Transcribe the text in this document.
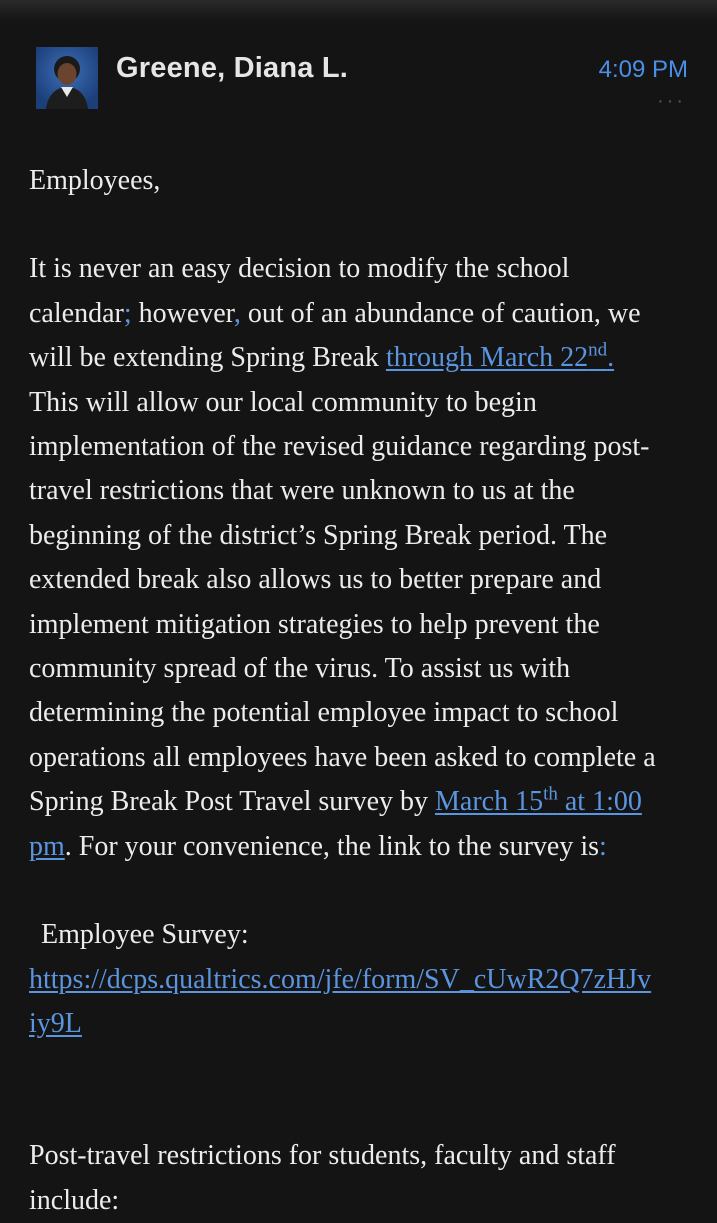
Greene, Diana L.	4:09 PM
···

Employees,

It is never an easy decision to modify the school

calendar; however, out of an abundance of caution, we

will be extending Spring Break through March 22nd.

This will allow our local community to begin

implementation of the revised guidance regarding post-

travel restrictions that were unknown to us at the

beginning of the district’s Spring Break period. The

extended break also allows us to better prepare and

implement mitigation strategies to help prevent the

community spread of the virus. To assist us with

determining the potential employee impact to school

operations all employees have been asked to complete a

Spring Break Post Travel survey by March 15th at 1:00

pm. For your convenience, the link to the survey is:

Employee Survey:

https://dcps.qualtrics.com/jfe/form/SV_cUwR2Q7zHJv

iy9L

Post-travel restrictions for students, faculty and staff

include:
